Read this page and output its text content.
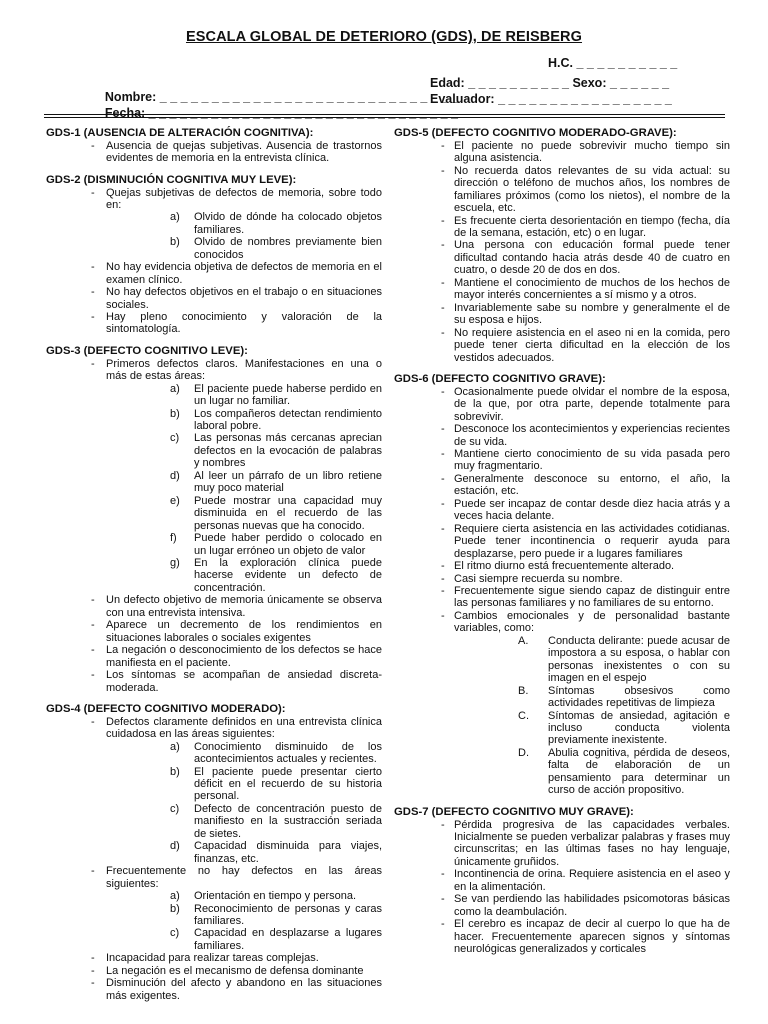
ESCALA GLOBAL DE DETERIORO (GDS), DE REISBERG
H.C. _ _ _ _ _ _ _ _ _ _

Nombre: _ _ _ _ _ _ _ _ _ _ _ _ _ _ _ _ _ _ _ _ _ _ _ _ _ _ _ _ _

Edad: _ _ _ _ _ _ _ _ _ _ Sexo: _ _ _ _ _ _

Fecha: _ _ _ _ _ _ _ _ _ _ _ _ _ _ _ _ _ _ _ _ _ _ _ _ _ _ _ _ _ _

Evaluador: _ _ _ _ _ _ _ _ _ _ _ _ _ _ _ _ _

GDS-1 (AUSENCIA DE ALTERACIÓN COGNITIVA):
- Ausencia de quejas subjetivas. Ausencia de trastornos evidentes de memoria en la entrevista clínica.
GDS-2 (DISMINUCIÓN COGNITIVA MUY LEVE):
- Quejas subjetivas de defectos de memoria, sobre todo en:
a) Olvido de dónde ha colocado objetos familiares.
b) Olvido de nombres previamente bien conocidos
- No hay evidencia objetiva de defectos de memoria en el examen clínico.
- No hay defectos objetivos en el trabajo o en situaciones sociales.
- Hay pleno conocimiento y valoración de la sintomatología.
GDS-3 (DEFECTO COGNITIVO LEVE):
- Primeros defectos claros. Manifestaciones en una o más de estas áreas:
a) El paciente puede haberse perdido en un lugar no familiar.
b) Los compañeros detectan rendimiento laboral pobre.
c) Las personas más cercanas aprecian defectos en la evocación de palabras y nombres
d) Al leer un párrafo de un libro retiene muy poco material
e) Puede mostrar una capacidad muy disminuida en el recuerdo de las personas nuevas que ha conocido.
f) Puede haber perdido o colocado en un lugar erróneo un objeto de valor
g) En la exploración clínica puede hacerse evidente un defecto de concentración.
- Un defecto objetivo de memoria únicamente se observa con una entrevista intensiva.
- Aparece un decremento de los rendimientos en situaciones laborales o sociales exigentes
- La negación o desconocimiento de los defectos se hace manifiesta en el paciente.
- Los síntomas se acompañan de ansiedad discreta-moderada.
GDS-4 (DEFECTO COGNITIVO MODERADO):
- Defectos claramente definidos en una entrevista clínica cuidadosa en las áreas siguientes:
a) Conocimiento disminuido de los acontecimientos actuales y recientes.
b) El paciente puede presentar cierto déficit en el recuerdo de su historia personal.
c) Defecto de concentración puesto de manifiesto en la sustracción seriada de sietes.
d) Capacidad disminuida para viajes, finanzas, etc.
- Frecuentemente no hay defectos en las áreas siguientes:
a) Orientación en tiempo y persona.
b) Reconocimiento de personas y caras familiares.
c) Capacidad en desplazarse a lugares familiares.
- Incapacidad para realizar tareas complejas.
- La negación es el mecanismo de defensa dominante
- Disminución del afecto y abandono en las situaciones más exigentes.
GDS-5 (DEFECTO COGNITIVO MODERADO-GRAVE):
- El paciente no puede sobrevivir mucho tiempo sin alguna asistencia.
- No recuerda datos relevantes de su vida actual: su dirección o teléfono de muchos años, los nombres de familiares próximos (como los nietos), el nombre de la escuela, etc.
- Es frecuente cierta desorientación en tiempo (fecha, día de la semana, estación, etc) o en lugar.
- Una persona con educación formal puede tener dificultad contando hacia atrás desde 40 de cuatro en cuatro, o desde 20 de dos en dos.
- Mantiene el conocimiento de muchos de los hechos de mayor interés concernientes a sí mismo y a otros.
- Invariablemente sabe su nombre y generalmente el de su esposa e hijos.
- No requiere asistencia en el aseo ni en la comida, pero puede tener cierta dificultad en la elección de los vestidos adecuados.
GDS-6 (DEFECTO COGNITIVO GRAVE):
- Ocasionalmente puede olvidar el nombre de la esposa, de la que, por otra parte, depende totalmente para sobrevivir.
- Desconoce los acontecimientos y experiencias recientes de su vida.
- Mantiene cierto conocimiento de su vida pasada pero muy fragmentario.
- Generalmente desconoce su entorno, el año, la estación, etc.
- Puede ser incapaz de contar desde diez hacia atrás y a veces hacia delante.
- Requiere cierta asistencia en las actividades cotidianas. Puede tener incontinencia o requerir ayuda para desplazarse, pero puede ir a lugares familiares
- El ritmo diurno está frecuentemente alterado.
- Casi siempre recuerda su nombre.
- Frecuentemente sigue siendo capaz de distinguir entre las personas familiares y no familiares de su entorno.
- Cambios emocionales y de personalidad bastante variables, como:
A. Conducta delirante: puede acusar de impostora a su esposa, o hablar con personas inexistentes o con su imagen en el espejo
B. Síntomas obsesivos como actividades repetitivas de limpieza
C. Síntomas de ansiedad, agitación e incluso conducta violenta previamente inexistente.
D. Abulia cognitiva, pérdida de deseos, falta de elaboración de un pensamiento para determinar un curso de acción propositivo.
GDS-7 (DEFECTO COGNITIVO MUY GRAVE):
- Pérdida progresiva de las capacidades verbales. Inicialmente se pueden verbalizar palabras y frases muy circunscritas; en las últimas fases no hay lenguaje, únicamente gruñidos.
- Incontinencia de orina. Requiere asistencia en el aseo y en la alimentación.
- Se van perdiendo las habilidades psicomotoras básicas como la deambulación.
- El cerebro es incapaz de decir al cuerpo lo que ha de hacer. Frecuentemente aparecen signos y síntomas neurológicas generalizados y corticales
